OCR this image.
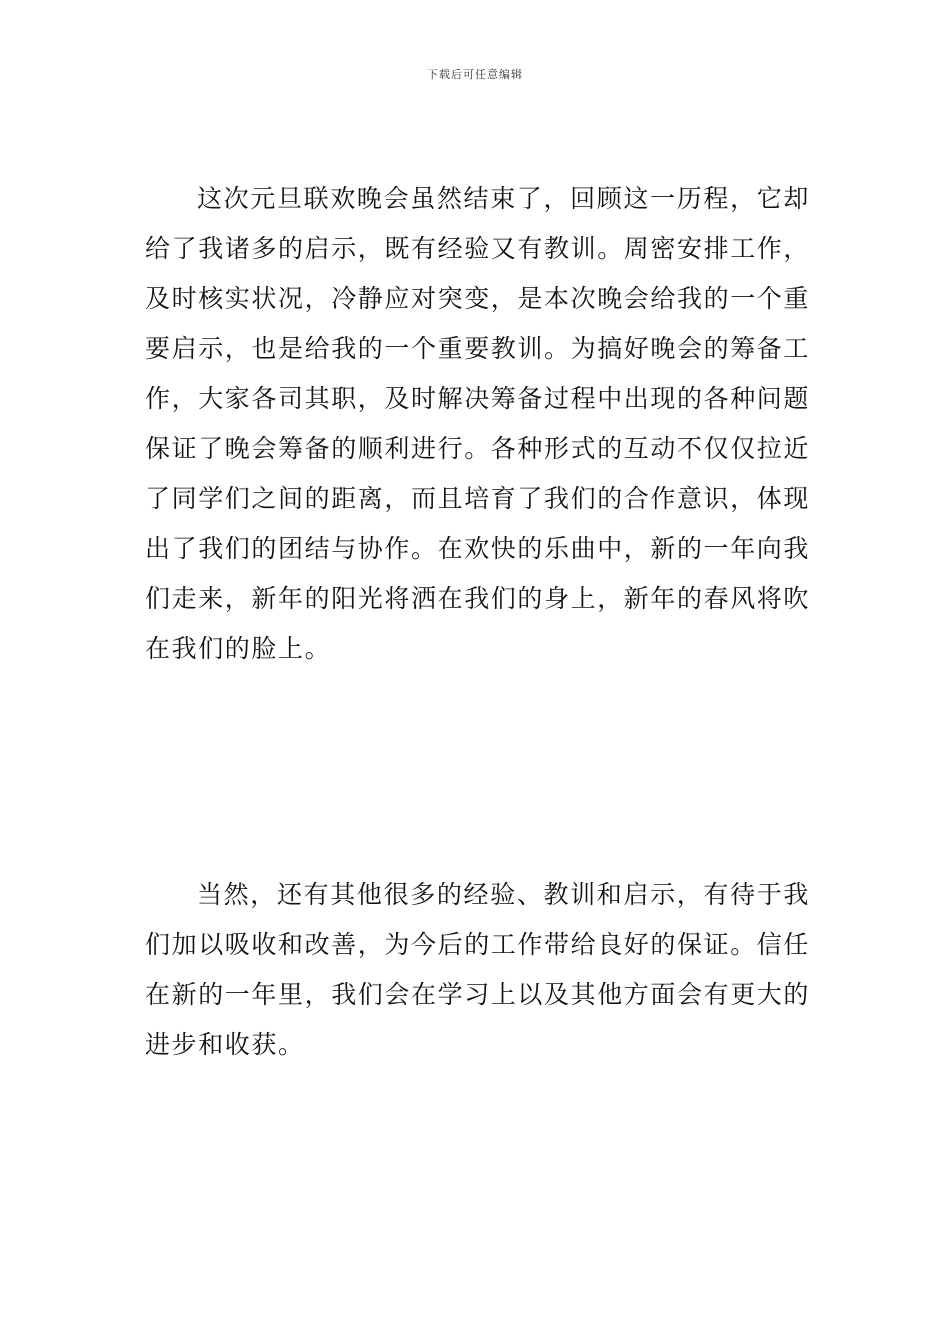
下载后可任意编辑

这次元旦联欢晚会虽然结束了，回顾这一历程，它却给了我诸多的启示，既有经验又有教训。周密安排工作，及时核实状况，冷静应对突变，是本次晚会给我的一个重要启示，也是给我的一个重要教训。为搞好晚会的筹备工作，大家各司其职，及时解决筹备过程中出现的各种问题保证了晚会筹备的顺利进行。各种形式的互动不仅仅拉近了同学们之间的距离，而且培育了我们的合作意识，体现出了我们的团结与协作。在欢快的乐曲中，新的一年向我们走来，新年的阳光将洒在我们的身上，新年的春风将吹在我们的脸上。

当然，还有其他很多的经验、教训和启示，有待于我们加以吸收和改善，为今后的工作带给良好的保证。信任在新的一年里，我们会在学习上以及其他方面会有更大的进步和收获。
